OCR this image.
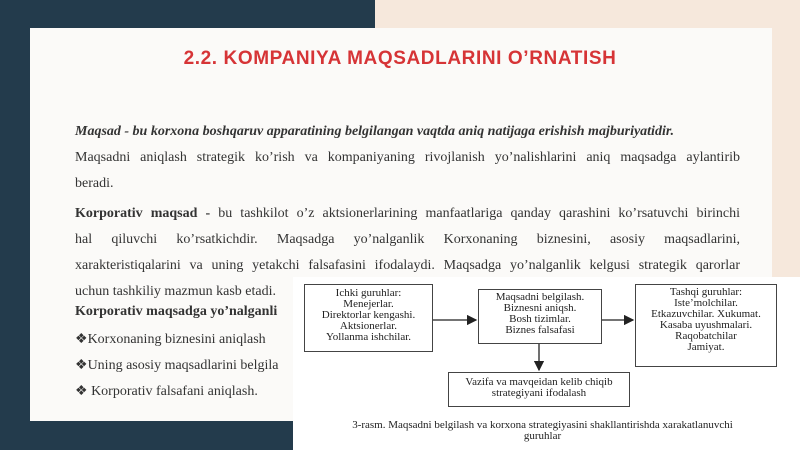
2.2. KOMPANIYA MAQSADLARINI O’RNATISH
Maqsad - bu korxona boshqaruv apparatining belgilangan vaqtda aniq natijaga erishish majburiyatidir.
Maqsadni aniqlash strategik ko’rish va kompaniyaning rivojlanish yo’nalishlarini aniq maqsadga aylantirib
beradi.
Korporativ maqsad - bu tashkilot o’z aktsionerlarining manfaatlariga qanday qarashini ko’rsatuvchi birinchi
hal qiluvchi ko’rsatkichdir. Maqsadga yo’nalganlik Korxonaning biznesini, asosiy maqsadlarini,
xarakteristiqalarini va uning yetakchi falsafasini ifodalaydi. Maqsadga yo’nalganlik kelgusi strategik qarorlar
uchun tashkiliy mazmun kasb etadi.
Korporativ maqsadga yo’nalganli
❖Korxonaning biznesini aniqlash
❖Uning asosiy maqsadlarini belgila
❖ Korporativ falsafani aniqlash.
Ichki guruhlar:
Menejerlar.
Direktorlar kengashi.
Aktsionerlar.
Yollanma ishchilar.
Maqsadni belgilash.
Biznesni aniqsh.
Bosh tizimlar.
Biznes falsafasi
Tashqi guruhlar:
Iste’molchilar.
Etkazuvchilar. Xukumat.
Kasaba uyushmalari.
Raqobatchilar
Jamiyat.
Vazifa va mavqeidan kelib chiqib
strategiyani ifodalash
3-rasm. Maqsadni belgilash va korxona strategiyasini shakllantirishda xarakatlanuvchi
guruhlar
